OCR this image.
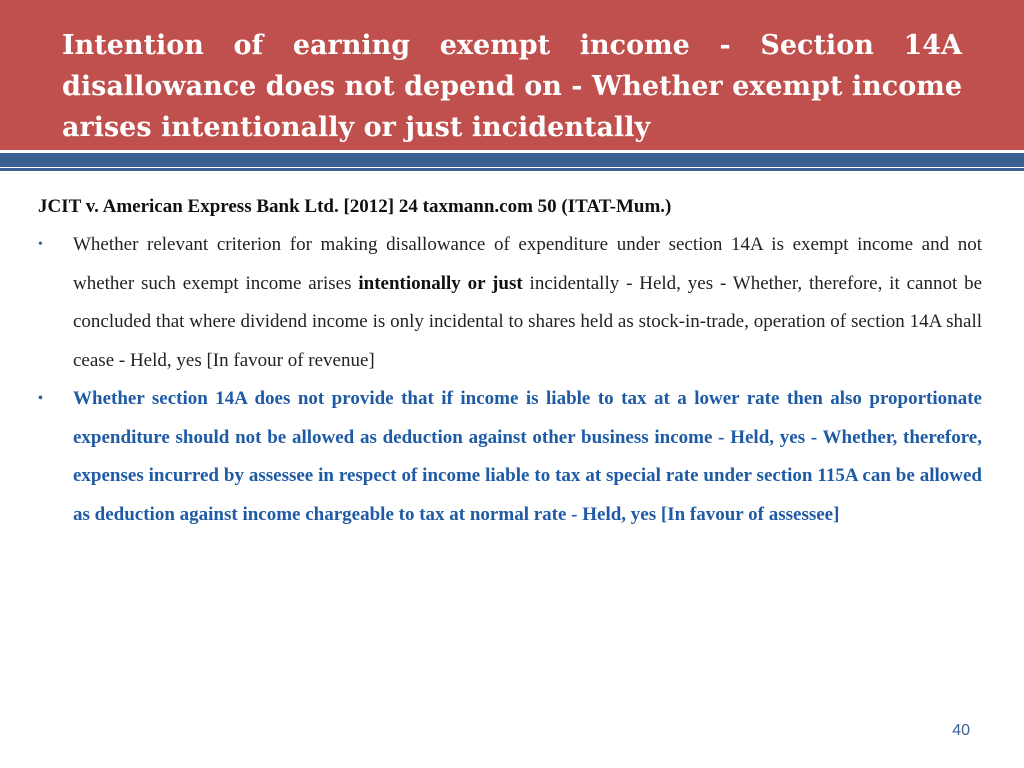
Intention of earning exempt income - Section 14A disallowance does not depend on - Whether exempt income arises intentionally or just incidentally

JCIT v. American Express Bank Ltd. [2012] 24 taxmann.com 50 (ITAT-Mum.)

• Whether relevant criterion for making disallowance of expenditure under section 14A is exempt income and not whether such exempt income arises intentionally or just incidentally - Held, yes - Whether, therefore, it cannot be concluded that where dividend income is only incidental to shares held as stock-in-trade, operation of section 14A shall cease - Held, yes [In favour of revenue]
• Whether section 14A does not provide that if income is liable to tax at a lower rate then also proportionate expenditure should not be allowed as deduction against other business income - Held, yes - Whether, therefore, expenses incurred by assessee in respect of income liable to tax at special rate under section 115A can be allowed as deduction against income chargeable to tax at normal rate - Held, yes [In favour of assessee]
40
